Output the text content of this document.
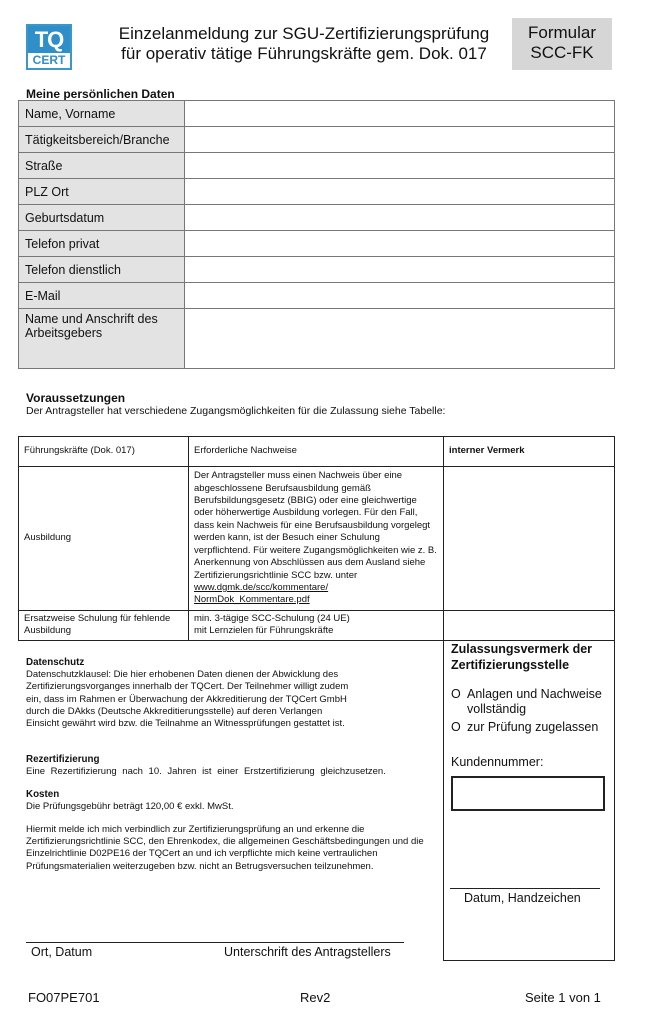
TQ
CERT
Einzelanmeldung zur SGU-Zertifizierungsprüfung
für operativ tätige Führungskräfte gem. Dok. 017
Formular
SCC-FK
Meine persönlichen Daten
Name, Vorname	
Tätigkeitsbereich/Branche	
Straße	
PLZ Ort	
Geburtsdatum	
Telefon privat	
Telefon dienstlich	
E-Mail	
Name und Anschrift des Arbeitsgebers	
Voraussetzungen
Der Antragsteller hat verschiedene Zugangsmöglichkeiten für die Zulassung siehe Tabelle:
Führungskräfte (Dok. 017)	Erforderliche Nachweise	interner Vermerk
Ausbildung	Der Antragsteller muss einen Nachweis über eine abgeschlossene Berufsausbildung gemäß Berufsbildungsgesetz (BBIG) oder eine gleichwertige oder höherwertige Ausbildung vorlegen. Für den Fall, dass kein Nachweis für eine Berufsausbildung vorgelegt werden kann, ist der Besuch einer Schulung verpflichtend. Für weitere Zugangsmöglichkeiten wie z. B. Anerkennung von Abschlüssen aus dem Ausland siehe Zertifizierungsrichtlinie SCC bzw. unter
www.dgmk.de/scc/kommentare/
NormDok_Kommentare.pdf	
Ersatzweise Schulung für fehlende Ausbildung	min. 3-tägige SCC-Schulung (24 UE)
mit Lernzielen für Führungskräfte	

Datenschutz
Datenschutzklausel: Die hier erhobenen Daten dienen der Abwicklung des Zertifizierungsvorganges innerhalb der TQCert. Der Teilnehmer willigt zudem ein, dass im Rahmen er Überwachung der Akkreditierung der TQCert GmbH durch die DAkks (Deutsche Akkreditierungsstelle) auf deren Verlangen Einsicht gewährt wird bzw. die Teilnahme an Witnessprüfungen gestattet ist.
Rezertifizierung
Eine Rezertifizierung nach 10. Jahren ist einer Erstzertifizierung gleichzusetzen.
Kosten
Die Prüfungsgebühr beträgt 120,00 € exkl. MwSt.
Hiermit melde ich mich verbindlich zur Zertifizierungsprüfung an und erkenne die Zertifizierungsrichtlinie SCC, den Ehrenkodex, die allgemeinen Geschäftsbedingungen und die Einzelrichtlinie D02PE16 der TQCert an und ich verpflichte mich keine vertraulichen Prüfungsmaterialien weiterzugeben bzw. nicht an Betrugsversuchen teilzunehmen.
Zulassungsvermerk der Zertifizierungsstelle
O Anlagen und Nachweise vollständig
O zur Prüfung zugelassen
Kundennummer:
Datum, Handzeichen
Ort, Datum	Unterschrift des Antragstellers
FO07PE701	Rev2	Seite 1 von 1
